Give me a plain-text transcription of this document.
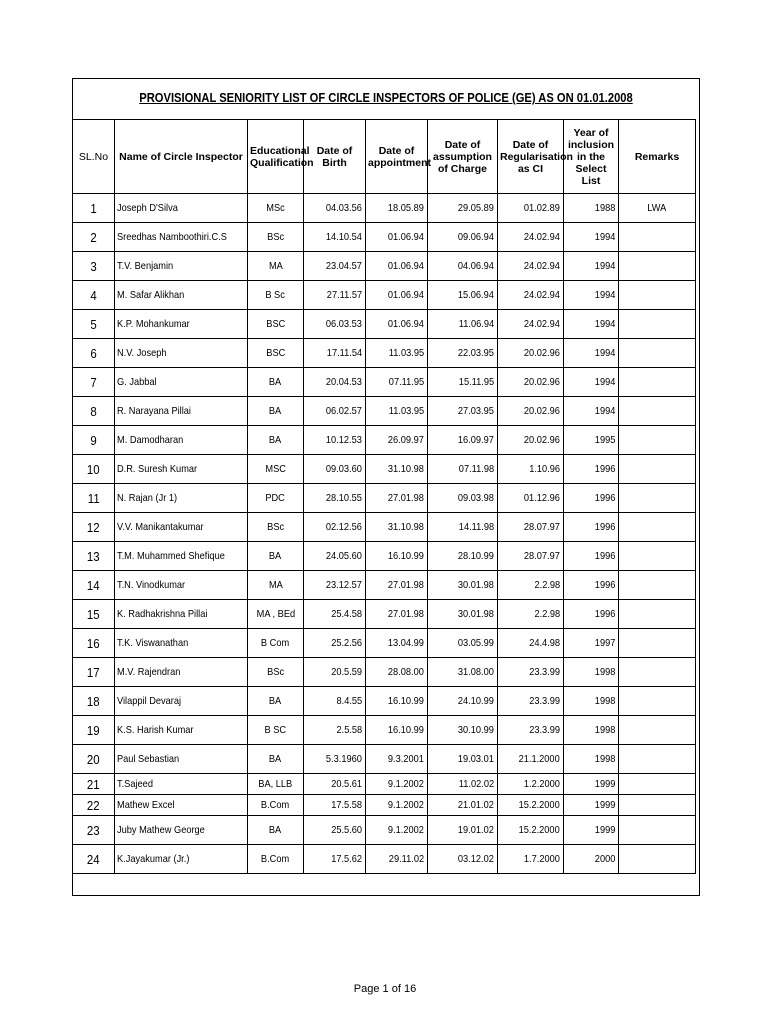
PROVISIONAL SENIORITY LIST OF CIRCLE INSPECTORS OF POLICE (GE) AS ON 01.01.2008
SL.No	Name of Circle Inspector	Educational Qualification	Date of Birth	Date of appointment	Date of assumption of Charge	Date of Regularisation as CI	Year of inclusion in the Select List	Remarks
1	Joseph D'Silva	MSc	04.03.56	18.05.89	29.05.89	01.02.89	1988	LWA
2	Sreedhas Namboothiri.C.S	BSc	14.10.54	01.06.94	09.06.94	24.02.94	1994	
3	T.V. Benjamin	MA	23.04.57	01.06.94	04.06.94	24.02.94	1994	
4	M. Safar Alikhan	B Sc	27.11.57	01.06.94	15.06.94	24.02.94	1994	
5	K.P. Mohankumar	BSC	06.03.53	01.06.94	11.06.94	24.02.94	1994	
6	N.V. Joseph	BSC	17.11.54	11.03.95	22.03.95	20.02.96	1994	
7	G. Jabbal	BA	20.04.53	07.11.95	15.11.95	20.02.96	1994	
8	R. Narayana Pillai	BA	06.02.57	11.03.95	27.03.95	20.02.96	1994	
9	M. Damodharan	BA	10.12.53	26.09.97	16.09.97	20.02.96	1995	
10	D.R. Suresh Kumar	MSC	09.03.60	31.10.98	07.11.98	1.10.96	1996	
11	N. Rajan (Jr 1)	PDC	28.10.55	27.01.98	09.03.98	01.12.96	1996	
12	V.V. Manikantakumar	BSc	02.12.56	31.10.98	14.11.98	28.07.97	1996	
13	T.M. Muhammed Shefique	BA	24.05.60	16.10.99	28.10.99	28.07.97	1996	
14	T.N. Vinodkumar	MA	23.12.57	27.01.98	30.01.98	2.2.98	1996	
15	K. Radhakrishna Pillai	MA , BEd	25.4.58	27.01.98	30.01.98	2.2.98	1996	
16	T.K. Viswanathan	B Com	25.2.56	13.04.99	03.05.99	24.4.98	1997	
17	M.V. Rajendran	BSc	20.5.59	28.08.00	31.08.00	23.3.99	1998	
18	Vilappil Devaraj	BA	8.4.55	16.10.99	24.10.99	23.3.99	1998	
19	K.S. Harish Kumar	B SC	2.5.58	16.10.99	30.10.99	23.3.99	1998	
20	Paul Sebastian	BA	5.3.1960	9.3.2001	19.03.01	21.1.2000	1998	
21	T.Sajeed	BA, LLB	20.5.61	9.1.2002	11.02.02	1.2.2000	1999	
22	Mathew Excel	B.Com	17.5.58	9.1.2002	21.01.02	15.2.2000	1999	
23	Juby Mathew George	BA	25.5.60	9.1.2002	19.01.02	15.2.2000	1999	
24	K.Jayakumar (Jr.)	B.Com	17.5.62	29.11.02	03.12.02	1.7.2000	2000	
Page 1 of 16
